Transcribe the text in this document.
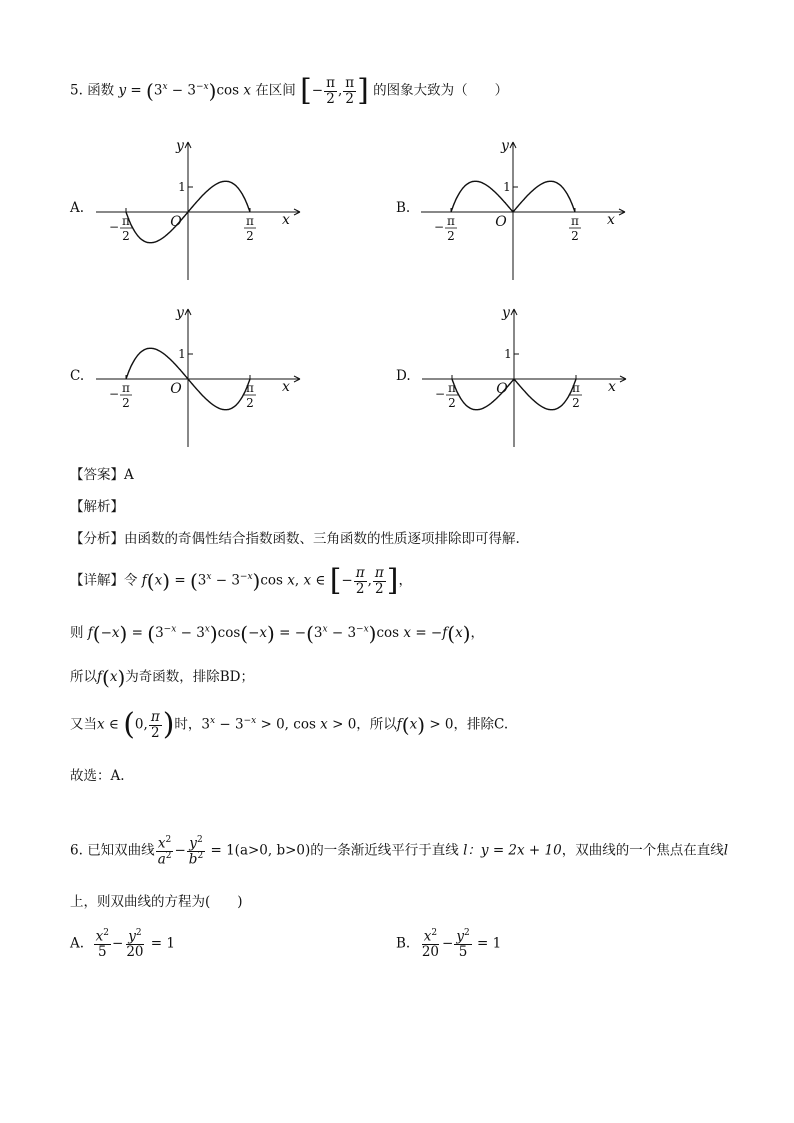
5. 函数 $y = (3^x - 3^{-x})\cos$ x 在区间 [− $\frac{\pi}{2}$ , $\frac{\pi}{2}$ ] 的图象大致为（　　）
A.
1
x
y
O
− π
2
π
2
B.
1
x
y
O
− π
2
π
2
C.
1
x
y
O
− π
2
π
2
D.
1
x
y
O
− π
2
π
2
【答案】A
【解析】
【分析】由函数的奇偶性结合指数函数、三角函数的性质逐项排除即可得解.
【详解】令 $f(x) = (3^x - 3^{-x})\cos$ x, x ∈ [− $\frac{\pi}{2}$ , $\frac{\pi}{2}$ ]，
则 $f(-x) = (3^{-x} - 3^x)\cos(-x) = -(3^x - 3^{-x})\cos$ x = −f(x)，
所以f(x)为奇函数，排除BD；
又当x ∈ (0, $\frac{\pi}{2}$ )时，$3^x - 3^{-x} > 0$, cos x > 0，所以f(x) > 0，排除C.
故选：A.
6. 已知双曲线 $\frac{x^2}{a^2} - \frac{y^2}{b^2} = 1(a>0$, b>0)的一条渐近线平行于直线 l：y = 2x + 10，双曲线的一个焦点在直线l
上，则双曲线的方程为(　　)
A. $\frac{x^2}{5} - \frac{y^2}{20} = 1$	B. $\frac{x^2}{20} - \frac{y^2}{5} = 1$
